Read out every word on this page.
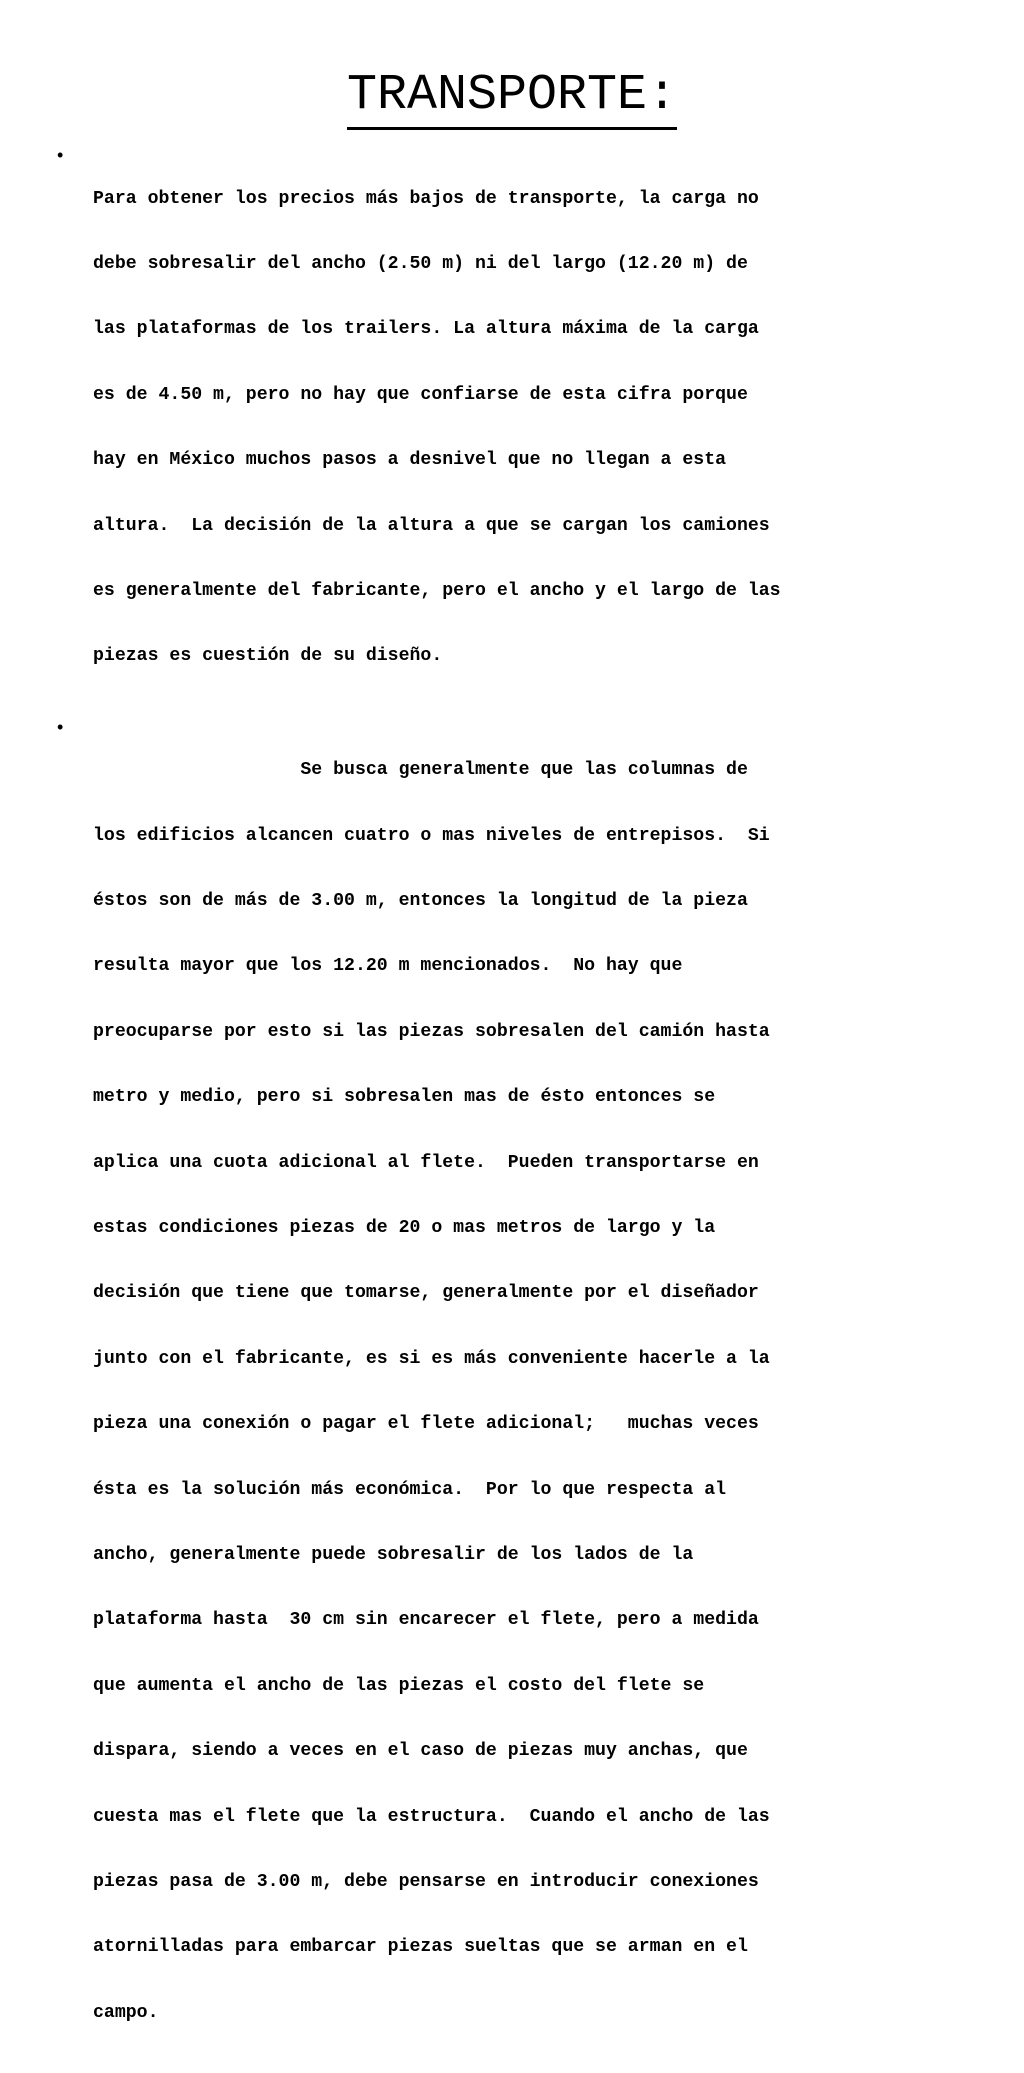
TRANSPORTE:
•

Para obtener los precios más bajos de transporte, la carga no

debe sobresalir del ancho (2.50 m) ni del largo (12.20 m) de

las plataformas de los trailers. La altura máxima de la carga

es de 4.50 m, pero no hay que confiarse de esta cifra porque

hay en México muchos pasos a desnivel que no llegan a esta

altura.  La decisión de la altura a que se cargan los camiones

es generalmente del fabricante, pero el ancho y el largo de las

piezas es cuestión de su diseño.

•

Se busca generalmente que las columnas de

los edificios alcancen cuatro o mas niveles de entrepisos.  Si

éstos son de más de 3.00 m, entonces la longitud de la pieza

resulta mayor que los 12.20 m mencionados.  No hay que

preocuparse por esto si las piezas sobresalen del camión hasta

metro y medio, pero si sobresalen mas de ésto entonces se

aplica una cuota adicional al flete.  Pueden transportarse en

estas condiciones piezas de 20 o mas metros de largo y la

decisión que tiene que tomarse, generalmente por el diseñador

junto con el fabricante, es si es más conveniente hacerle a la

pieza una conexión o pagar el flete adicional;   muchas veces

ésta es la solución más económica.  Por lo que respecta al

ancho, generalmente puede sobresalir de los lados de la

plataforma hasta  30 cm sin encarecer el flete, pero a medida

que aumenta el ancho de las piezas el costo del flete se

dispara, siendo a veces en el caso de piezas muy anchas, que

cuesta mas el flete que la estructura.  Cuando el ancho de las

piezas pasa de 3.00 m, debe pensarse en introducir conexiones

atornilladas para embarcar piezas sueltas que se arman en el

campo.
